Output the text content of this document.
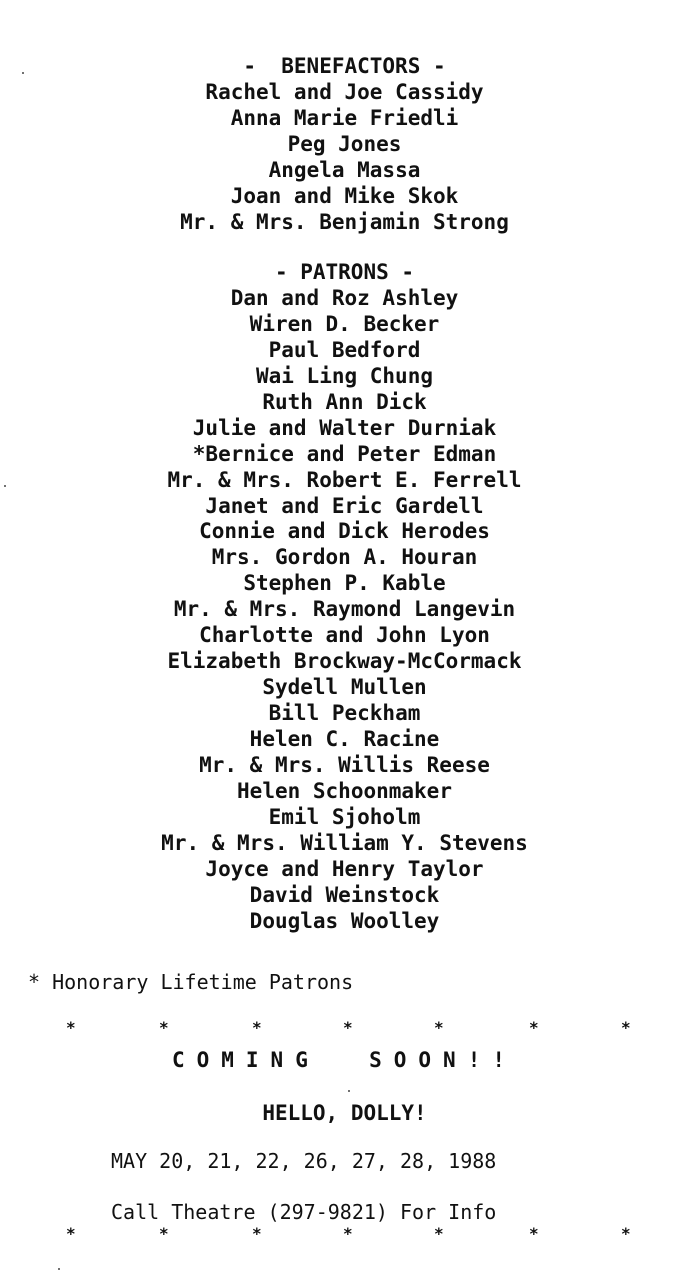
-  BENEFACTORS -
Rachel and Joe Cassidy
Anna Marie Friedli
Peg Jones
Angela Massa
Joan and Mike Skok
Mr. & Mrs. Benjamin Strong
- PATRONS -
Dan and Roz Ashley
Wiren D. Becker
Paul Bedford
Wai Ling Chung
Ruth Ann Dick
Julie and Walter Durniak
*Bernice and Peter Edman
Mr. & Mrs. Robert E. Ferrell
Janet and Eric Gardell
Connie and Dick Herodes
Mrs. Gordon A. Houran
Stephen P. Kable
Mr. & Mrs. Raymond Langevin
Charlotte and John Lyon
Elizabeth Brockway-McCormack
Sydell Mullen
Bill Peckham
Helen C. Racine
Mr. & Mrs. Willis Reese
Helen Schoonmaker
Emil Sjoholm
Mr. & Mrs. William Y. Stevens
Joyce and Henry Taylor
David Weinstock
Douglas Woolley
* Honorary Lifetime Patrons
*	*	*	*	*	*	*
COMING  SOON!!
HELLO, DOLLY!
MAY 20, 21, 22, 26, 27, 28, 1988
Call Theatre (297-9821) For Info
*	*	*	*	*	*	*
